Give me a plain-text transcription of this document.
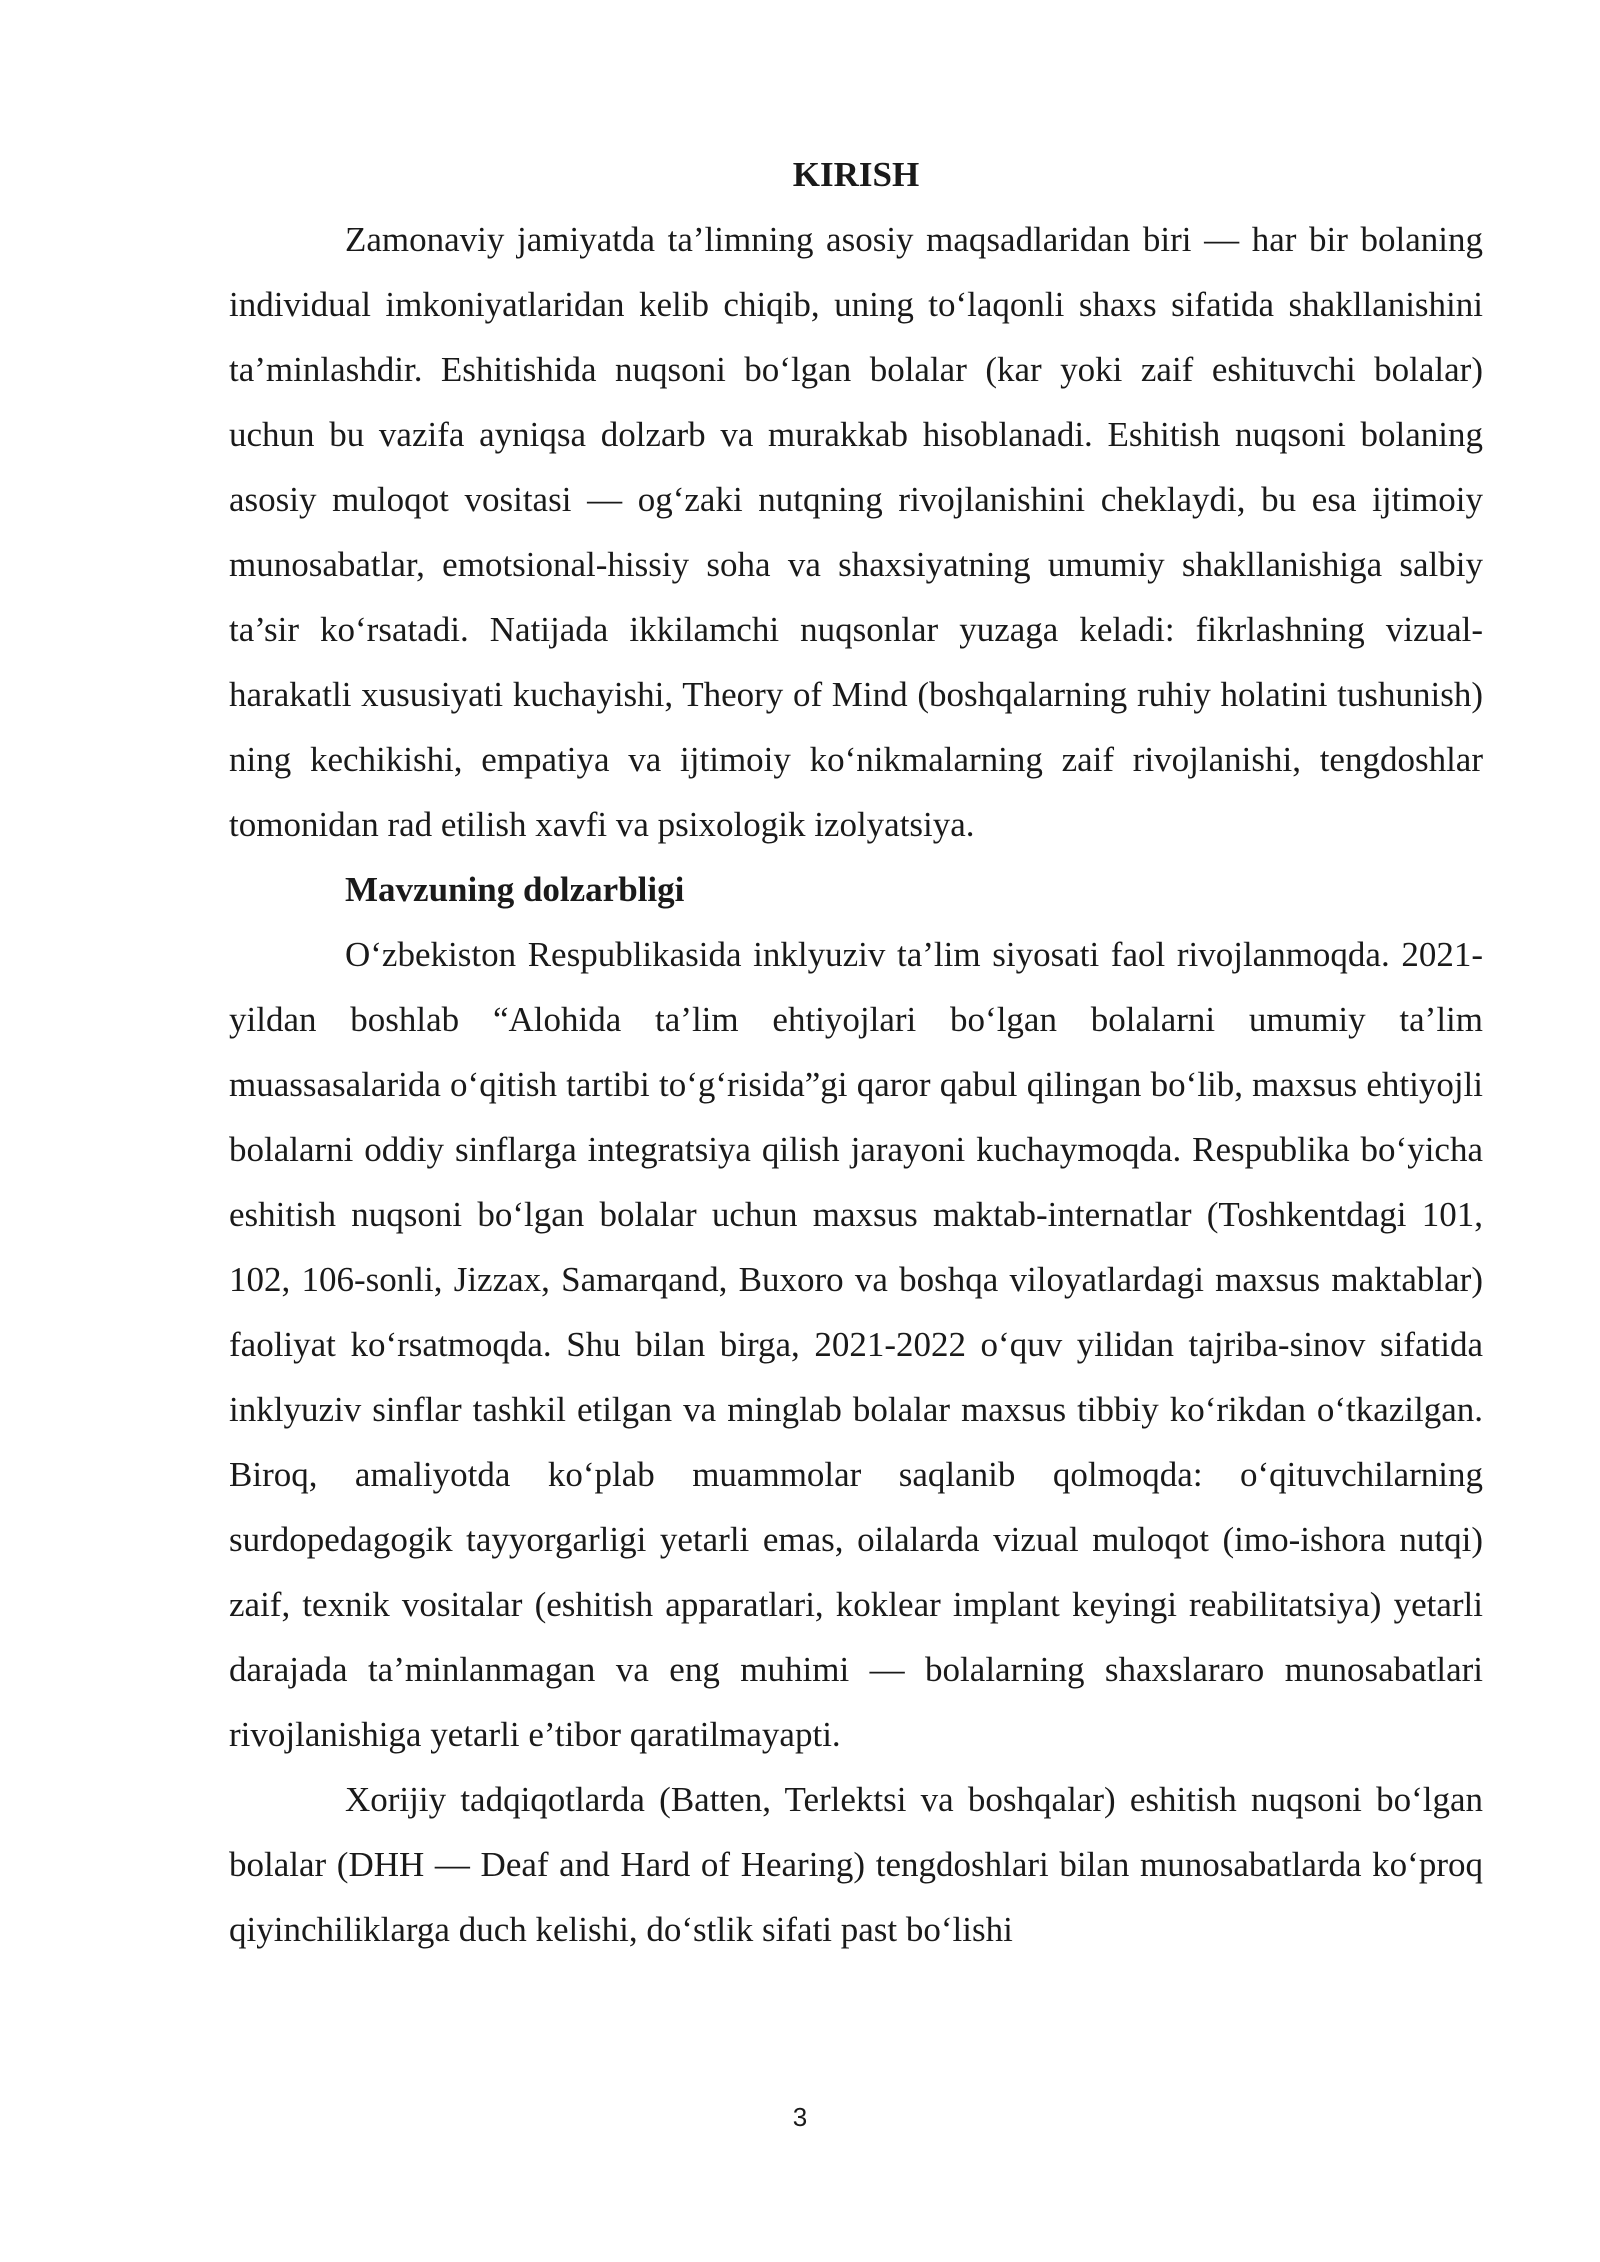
KIRISH

Zamonaviy jamiyatda ta’limning asosiy maqsadlaridan biri — har bir bolaning individual imkoniyatlaridan kelib chiqib, uning to‘laqonli shaxs sifatida shakllanishini ta’minlashdir. Eshitishida nuqsoni bo‘lgan bolalar (kar yoki zaif eshituvchi bolalar) uchun bu vazifa ayniqsa dolzarb va murakkab hisoblanadi. Eshitish nuqsoni bolaning asosiy muloqot vositasi — og‘zaki nutqning rivojlanishini cheklaydi, bu esa ijtimoiy munosabatlar, emotsional-hissiy soha va shaxsiyatning umumiy shakllanishiga salbiy ta’sir ko‘rsatadi. Natijada ikkilamchi nuqsonlar yuzaga keladi: fikrlashning vizual-harakatli xususiyati kuchayishi, Theory of Mind (boshqalarning ruhiy holatini tushunish) ning kechikishi, empatiya va ijtimoiy ko‘nikmalarning zaif rivojlanishi, tengdoshlar tomonidan rad etilish xavfi va psixologik izolyatsiya.

Mavzuning dolzarbligi

O‘zbekiston Respublikasida inklyuziv ta’lim siyosati faol rivojlanmoqda. 2021-yildan boshlab “Alohida ta’lim ehtiyojlari bo‘lgan bolalarni umumiy ta’lim muassasalarida o‘qitish tartibi to‘g‘risida”gi qaror qabul qilingan bo‘lib, maxsus ehtiyojli bolalarni oddiy sinflarga integratsiya qilish jarayoni kuchaymoqda. Respublika bo‘yicha eshitish nuqsoni bo‘lgan bolalar uchun maxsus maktab-internatlar (Toshkentdagi 101, 102, 106-sonli, Jizzax, Samarqand, Buxoro va boshqa viloyatlardagi maxsus maktablar) faoliyat ko‘rsatmoqda. Shu bilan birga, 2021-2022 o‘quv yilidan tajriba-sinov sifatida inklyuziv sinflar tashkil etilgan va minglab bolalar maxsus tibbiy ko‘rikdan o‘tkazilgan. Biroq, amaliyotda ko‘plab muammolar saqlanib qolmoqda: o‘qituvchilarning surdopedagogik tayyorgarligi yetarli emas, oilalarda vizual muloqot (imo-ishora nutqi) zaif, texnik vositalar (eshitish apparatlari, koklear implant keyingi reabilitatsiya) yetarli darajada ta’minlanmagan va eng muhimi — bolalarning shaxslararo munosabatlari rivojlanishiga yetarli e’tibor qaratilmayapti.

Xorijiy tadqiqotlarda (Batten, Terlektsi va boshqalar) eshitish nuqsoni bo‘lgan bolalar (DHH — Deaf and Hard of Hearing) tengdoshlari bilan munosabatlarda ko‘proq qiyinchiliklarga duch kelishi, do‘stlik sifati past bo‘lishi

3
